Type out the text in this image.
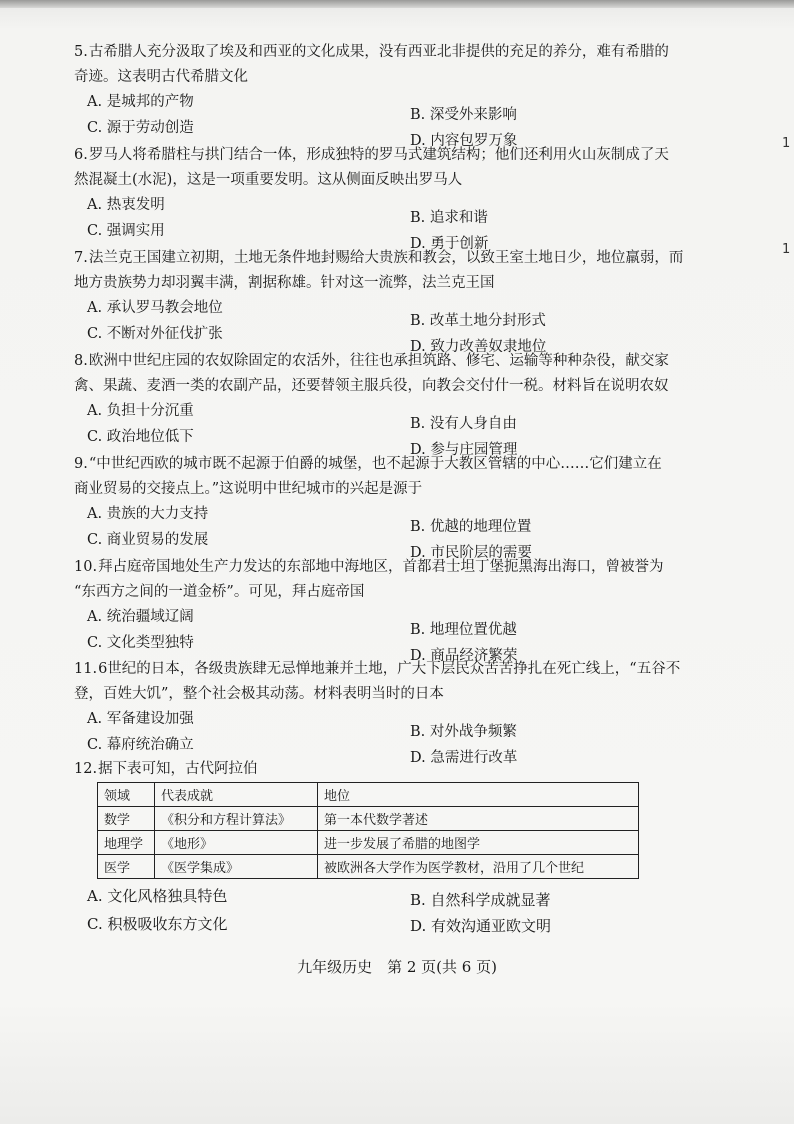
1
1

5.古希腊人充分汲取了埃及和西亚的文化成果，没有西亚北非提供的充足的养分，难有希腊的

奇迹。这表明古代希腊文化

A. 是城邦的产物
B. 深受外来影响
C. 源于劳动创造
D. 内容包罗万象

6.罗马人将希腊柱与拱门结合一体，形成独特的罗马式建筑结构；他们还利用火山灰制成了天

然混凝土(水泥)，这是一项重要发明。这从侧面反映出罗马人

A. 热衷发明
B. 追求和谐
C. 强调实用
D. 勇于创新

7.法兰克王国建立初期，土地无条件地封赐给大贵族和教会，以致王室土地日少，地位羸弱，而

地方贵族势力却羽翼丰满，割据称雄。针对这一流弊，法兰克王国

A. 承认罗马教会地位
B. 改革土地分封形式
C. 不断对外征伐扩张
D. 致力改善奴隶地位

8.欧洲中世纪庄园的农奴除固定的农活外，往往也承担筑路、修宅、运输等种种杂役，献交家

禽、果蔬、麦酒一类的农副产品，还要替领主服兵役，向教会交付什一税。材料旨在说明农奴

A. 负担十分沉重
B. 没有人身自由
C. 政治地位低下
D. 参与庄园管理

9.“中世纪西欧的城市既不起源于伯爵的城堡，也不起源于大教区管辖的中心……它们建立在

商业贸易的交接点上。”这说明中世纪城市的兴起是源于

A. 贵族的大力支持
B. 优越的地理位置
C. 商业贸易的发展
D. 市民阶层的需要

10.拜占庭帝国地处生产力发达的东部地中海地区，首都君士坦丁堡扼黑海出海口，曾被誉为

“东西方之间的一道金桥”。可见，拜占庭帝国

A. 统治疆域辽阔
B. 地理位置优越
C. 文化类型独特
D. 商品经济繁荣

11.6世纪的日本，各级贵族肆无忌惮地兼并土地，广大下层民众苦苦挣扎在死亡线上，“五谷不

登，百姓大饥”，整个社会极其动荡。材料表明当时的日本

A. 军备建设加强
B. 对外战争频繁
C. 幕府统治确立
D. 急需进行改革

12.据下表可知，古代阿拉伯

领域	代表成就	地位
数学	《积分和方程计算法》	第一本代数学著述
地理学	《地形》	进一步发展了希腊的地图学
医学	《医学集成》	被欧洲各大学作为医学教材，沿用了几个世纪
A. 文化风格独具特色	B. 自然科学成就显著
C. 积极吸收东方文化	D. 有效沟通亚欧文明
九年级历史　第 2 页(共 6 页)
